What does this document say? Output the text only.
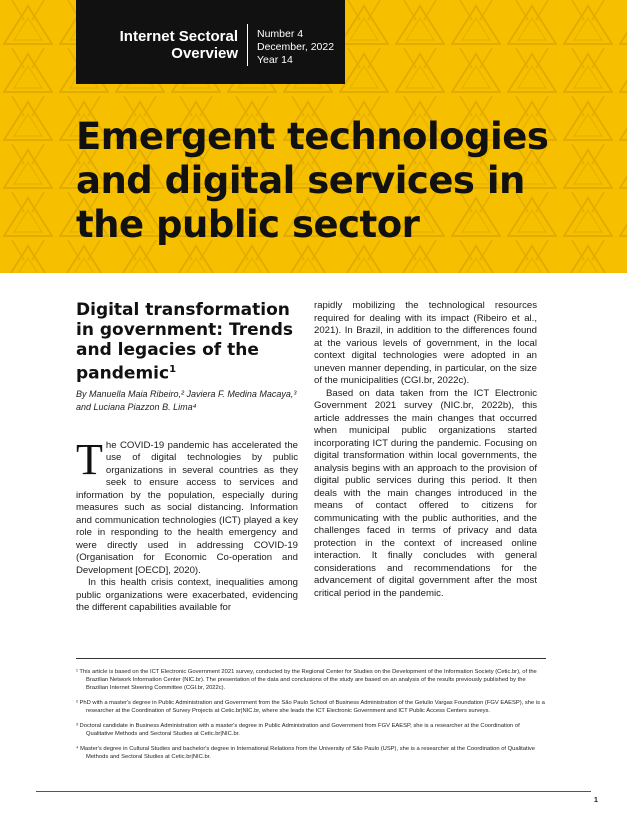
Internet Sectoral
Overview
Number 4
December, 2022
Year 14
Emergent technologies
and digital services in
the public sector
Digital transformation in government: Trends and legacies of the pandemic$^1$
By Manuella Maia Ribeiro,² Javiera F. Medina Macaya,³ and Luciana Piazzon B. Lima⁴

The COVID-19 pandemic has accelerated the use of digital technologies by public organizations in several countries as they seek to ensure access to services and information by the population, especially during measures such as social distancing. Information and communication technologies (ICT) played a key role in responding to the health emergency and were directly used in addressing COVID-19 (Organisation for Economic Co-operation and Development [OECD], 2020).

In this health crisis context, inequalities among public organizations were exacerbated, evidencing the different capabilities available for

rapidly mobilizing the technological resources required for dealing with its impact (Ribeiro et al., 2021). In Brazil, in addition to the differences found at the various levels of government, in the local context digital technologies were adopted in an uneven manner depending, in particular, on the size of the municipalities (CGI.br, 2022c).

Based on data taken from the ICT Electronic Government 2021 survey (NIC.br, 2022b), this article addresses the main changes that occurred when municipal public organizations started incorporating ICT during the pandemic. Focusing on digital transformation within local governments, the analysis begins with an approach to the provision of digital public services during this period. It then deals with the main changes introduced in the means of contact offered to citizens for communicating with the public authorities, and the challenges faced in terms of privacy and data protection in the context of increased online interaction. It finally concludes with general considerations and recommendations for the advancement of digital government after the most critical period in the pandemic.

¹ This article is based on the ICT Electronic Government 2021 survey, conducted by the Regional Center for Studies on the Development of the Information Society (Cetic.br), of the Brazilian Network Information Center (NIC.br). The presentation of the data and conclusions of the study are based on an analysis of the results previously published by the Brazilian Internet Steering Committee (CGI.br, 2022c).
² PhD with a master's degree in Public Administration and Government from the São Paulo School of Business Administration of the Getulio Vargas Foundation (FGV EAESP), she is a researcher at the Coordination of Survey Projects at Cetic.br|NIC.br, where she leads the ICT Electronic Government and ICT Public Access Centers surveys.
³ Doctoral candidate in Business Administration with a master's degree in Public Administration and Government from FGV EAESP, she is a researcher at the Coordination of Qualitative Methods and Sectoral Studies at Cetic.br|NIC.br.
⁴ Master's degree in Cultural Studies and bachelor's degree in International Relations from the University of São Paulo (USP), she is a researcher at the Coordination of Qualitative Methods and Sectoral Studies at Cetic.br|NIC.br.
1
